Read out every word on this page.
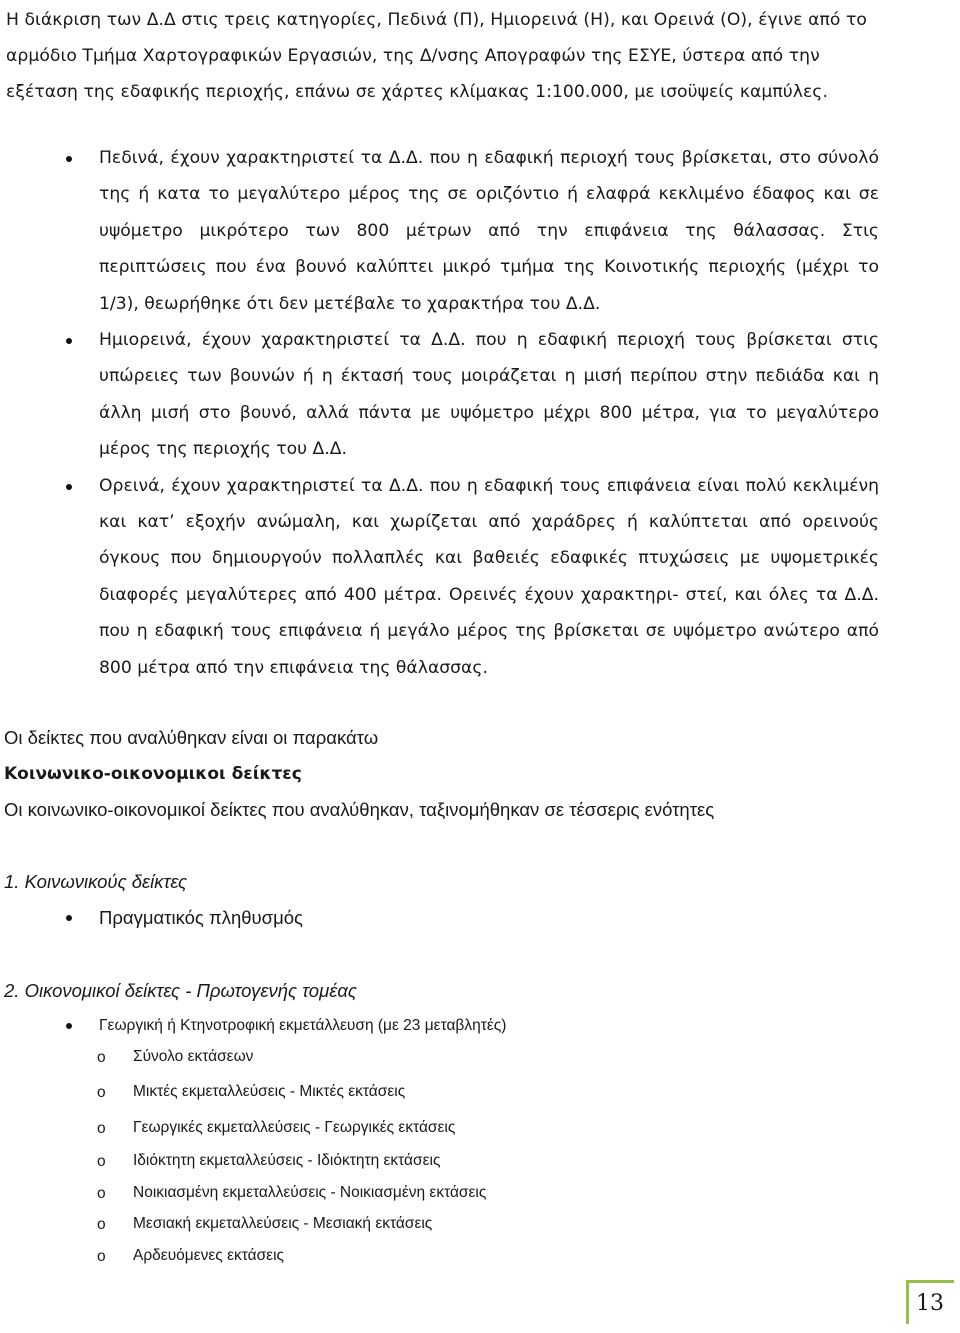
Η διάκριση των Δ.Δ στις τρεις κατηγορίες, Πεδινά (Π), Ημιορεινά (Η), και Ορεινά (Ο), έγινε από το αρμόδιο Τμήμα Χαρτογραφικών Εργασιών, της Δ/νσης Απογραφών της ΕΣΥΕ, ύστερα από την εξέταση της εδαφικής περιοχής, επάνω σε χάρτες κλίμακας 1:100.000, με ισοϋψείς καμπύλες.

Πεδινά, έχουν χαρακτηριστεί τα Δ.Δ. που η εδαφική περιοχή τους βρίσκεται, στο σύνολό της ή κατα το μεγαλύτερο μέρος της σε οριζόντιο ή ελαφρά κεκλιμένο έδαφος και σε υψόμετρο μικρότερο των 800 μέτρων από την επιφάνεια της θάλασσας. Στις περιπτώσεις που ένα βουνό καλύπτει μικρό τμήμα της Κοινοτικής περιοχής (μέχρι το 1/3), θεωρήθηκε ότι δεν μετέβαλε το χαρακτήρα του Δ.Δ.
Ημιορεινά, έχουν χαρακτηριστεί τα Δ.Δ. που η εδαφική περιοχή τους βρίσκεται στις υπώρειες των βουνών ή η έκτασή τους μοιράζεται η μισή περίπου στην πεδιάδα και η άλλη μισή στο βουνό, αλλά πάντα με υψόμετρο μέχρι 800 μέτρα, για το μεγαλύτερο μέρος της περιοχής του Δ.Δ.
Ορεινά, έχουν χαρακτηριστεί τα Δ.Δ. που η εδαφική τους επιφάνεια είναι πολύ κεκλιμένη και κατ’ εξοχήν ανώμαλη, και χωρίζεται από χαράδρες ή καλύπτεται από ορεινούς όγκους που δημιουργούν πολλαπλές και βαθειές εδαφικές πτυχώσεις με υψομετρικές διαφορές μεγαλύτερες από 400 μέτρα. Ορεινές έχουν χαρακτηρι- στεί, και όλες τα Δ.Δ. που η εδαφική τους επιφάνεια ή μεγάλο μέρος της βρίσκεται σε υψόμετρο ανώτερο από 800 μέτρα από την επιφάνεια της θάλασσας.

Οι δείκτες που αναλύθηκαν είναι οι παρακάτω

Κοινωνικο-οικονομικοι δείκτες

Οι κοινωνικο-οικονομικοί δείκτες που αναλύθηκαν, ταξινομήθηκαν σε τέσσερις ενότητες

1. Κοινωνικούς δείκτες

Πραγματικός πληθυσμός

2. Οικονομικοί δείκτες - Πρωτογενής τομέας

Γεωργική ή Κτηνοτροφική εκμετάλλευση (με 23 μεταβλητές)

o Σύνολο εκτάσεων
o Μικτές εκμεταλλεύσεις - Μικτές εκτάσεις
o Γεωργικές εκμεταλλεύσεις - Γεωργικές εκτάσεις
o Ιδιόκτητη εκμεταλλεύσεις - Ιδιόκτητη εκτάσεις
o Νοικιασμένη εκμεταλλεύσεις - Νοικιασμένη εκτάσεις
o Μεσιακή εκμεταλλεύσεις - Μεσιακή εκτάσεις
o Αρδευόμενες εκτάσεις
13
